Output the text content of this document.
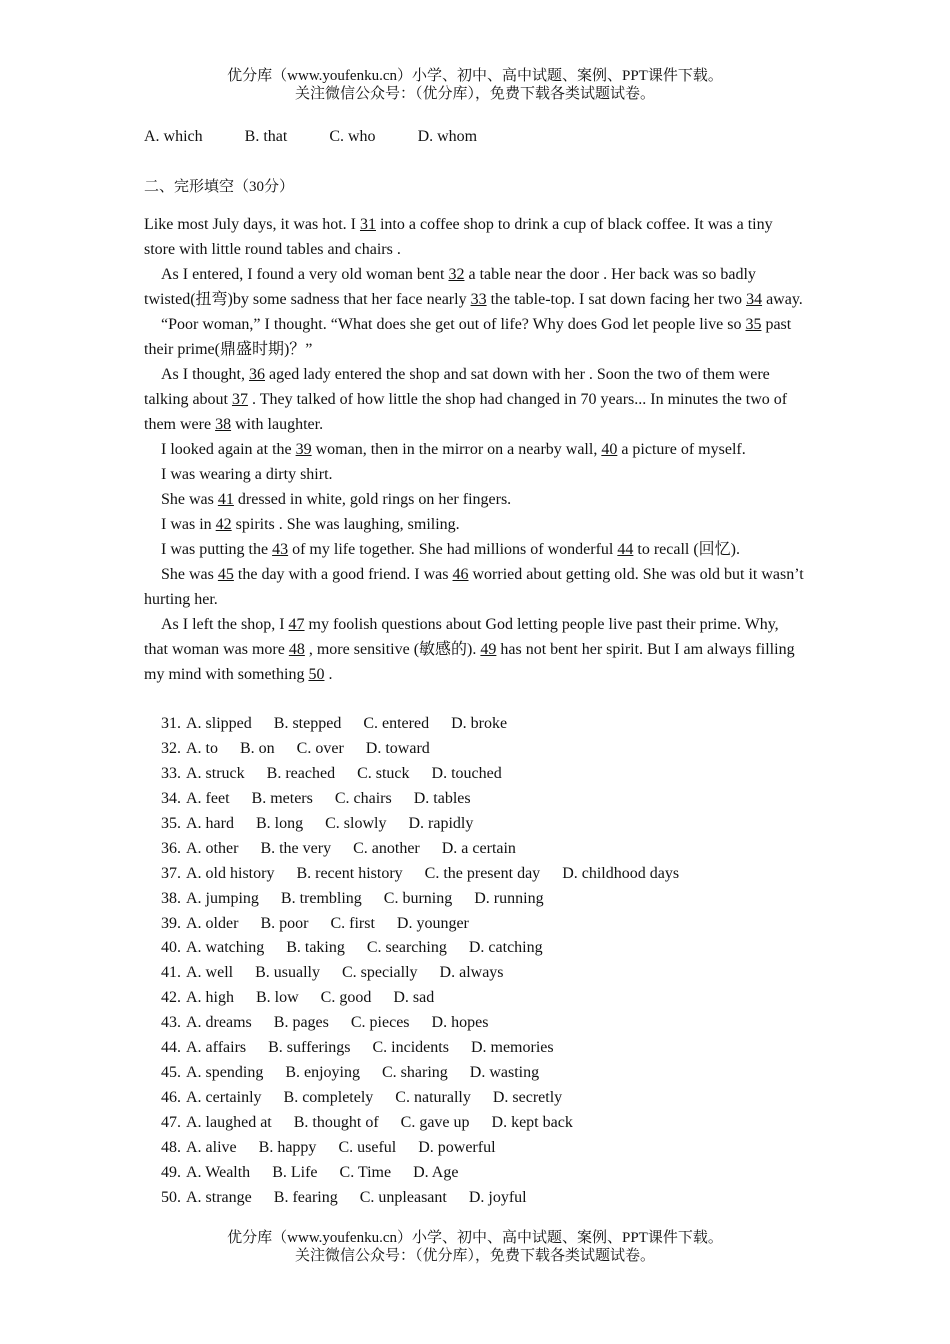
优分库（www.youfenku.cn）小学、初中、高中试题、案例、PPT课件下载。
关注微信公众号：（优分库），免费下载各类试题试卷。
A. which	B. that	C. who	D. whom
二、完形填空（30分）

Like most July days, it was hot. I 31 into a coffee shop to drink a cup of black coffee. It was a tiny store with little round tables and chairs .

As I entered, I found a very old woman bent 32 a table near the door . Her back was so badly twisted(扭弯)by some sadness that her face nearly 33 the table-top. I sat down facing her two 34 away.

“Poor woman,” I thought. “What does she get out of life? Why does God let people live so 35 past their prime(鼎盛时期)？”

As I thought, 36 aged lady entered the shop and sat down with her . Soon the two of them were talking about 37 . They talked of how little the shop had changed in 70 years... In minutes the two of them were 38 with laughter.

I looked again at the 39 woman, then in the mirror on a nearby wall, 40 a picture of myself.

I was wearing a dirty shirt.

She was 41 dressed in white, gold rings on her fingers.

I was in 42 spirits . She was laughing, smiling.

I was putting the 43 of my life together. She had millions of wonderful 44 to recall (回忆).

She was 45 the day with a good friend. I was 46 worried about getting old. She was old but it wasn’t hurting her.

As I left the shop, I 47 my foolish questions about God letting people live past their prime. Why, that woman was more 48 , more sensitive (敏感的). 49 has not bent her spirit. But I am always filling my mind with something 50 .

31. A. slipped B. stepped C. entered D. broke
32. A. to B. on C. over D. toward
33. A. struck B. reached C. stuck D. touched
34. A. feet B. meters C. chairs D. tables
35. A. hard B. long C. slowly D. rapidly
36. A. other B. the very C. another D. a certain
37. A. old history B. recent history C. the present day D. childhood days
38. A. jumping B. trembling C. burning D. running
39. A. older B. poor C. first D. younger
40. A. watching B. taking C. searching D. catching
41. A. well B. usually C. specially D. always
42. A. high B. low C. good D. sad
43. A. dreams B. pages C. pieces D. hopes
44. A. affairs B. sufferings C. incidents D. memories
45. A. spending B. enjoying C. sharing D. wasting
46. A. certainly B. completely C. naturally D. secretly
47. A. laughed at B. thought of C. gave up D. kept back
48. A. alive B. happy C. useful D. powerful
49. A. Wealth B. Life C. Time D. Age
50. A. strange B. fearing C. unpleasant D. joyful
优分库（www.youfenku.cn）小学、初中、高中试题、案例、PPT课件下载。
关注微信公众号：（优分库），免费下载各类试题试卷。
